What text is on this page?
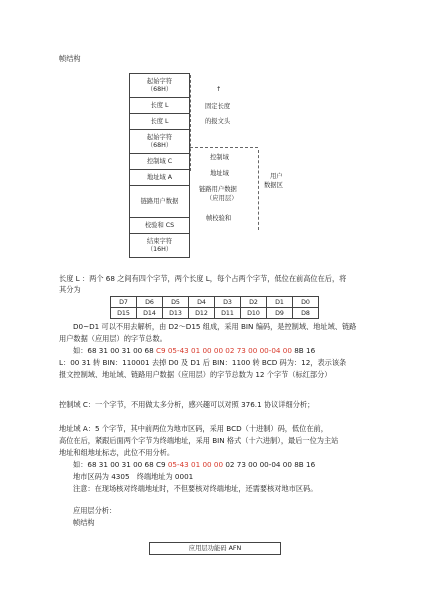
帧结构
起始字符
（68H）
长度 L
长度 L
起始字符
（68H）
控制域 C
地址域 A
链路用户数据
校验和 CS
结束字符
（16H）
↑
固定长度
的报文头
控制域
地址域
链路用户数据
（应用层）
帧校验和
用户
数据区
长度 L ：两个 68 之间有四个字节，两个长度 L，每个占两个字节，低位在前高位在后，将
其分为
D7	D6	D5	D4	D3	D2	D1	D0
D15	D14	D13	D12	D11	D10	D9	D8
D0~D1 可以不用去解析，由 D2～D15 组成，采用 BIN 编码，是控制域、地址域、链路
用户数据（应用层）的字节总数。
如：68 31 00 31 00 68 C9 05-43 01 00 00 02 73 00 00-04 00 8B 16
L：00 31 转 BIN：110001 去掉 D0 及 D1 后 BIN：1100 转 BCD 码为：12，表示该条
报文控制域、地址域、链路用户数据（应用层）的字节总数为 12 个字节（标红部分）
控制域 C：一个字节，不用做太多分析，感兴趣可以对照 376.1 协议详细分析；
地址域 A：5 个字节，其中前两位为地市区码，采用 BCD（十进制）码，低位在前，
高位在后，紧跟后面两个字节为终端地址，采用 BIN 格式（十六进制），最后一位为主站
地址和组地址标志，此位不用分析。
如：68 31 00 31 00 68 C9 05-43 01 00 00 02 73 00 00-04 00 8B 16
地市区码为 4305　终端地址为 0001
注意：在现场核对终端地址时，不但要核对终端地址，还需要核对地市区码。
应用层分析：
帧结构
应用层功能码 AFN
